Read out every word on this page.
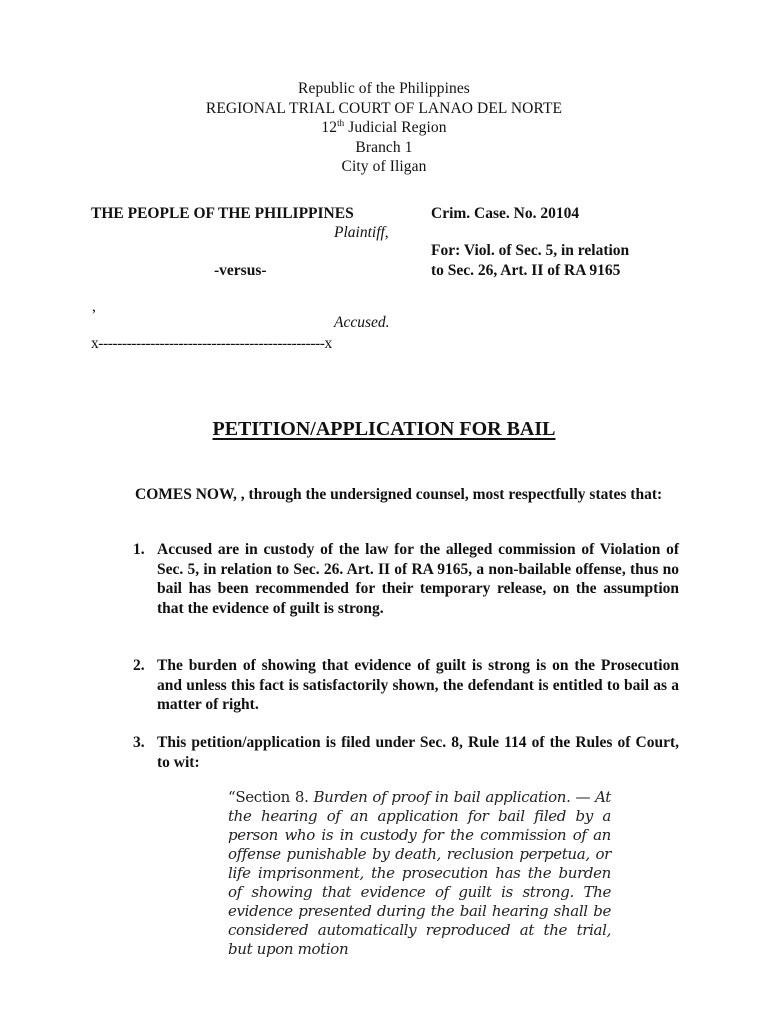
Republic of the Philippines
REGIONAL TRIAL COURT OF LANAO DEL NORTE
12th Judicial Region
Branch 1
City of Iligan
THE PEOPLE OF THE PHILIPPINES
Plaintiff,
-versus-
,
Accused.
x------------------------------------------------x
Crim. Case. No. 20104
For: Viol. of Sec. 5, in relation
to Sec. 26, Art. II of RA 9165
PETITION/APPLICATION FOR BAIL
COMES NOW, , through the undersigned counsel, most respectfully states that:
1. Accused are in custody of the law for the alleged commission of Violation of Sec. 5, in relation to Sec. 26. Art. II of RA 9165, a non-bailable offense, thus no bail has been recommended for their temporary release, on the assumption that the evidence of guilt is strong.
2. The burden of showing that evidence of guilt is strong is on the Prosecution and unless this fact is satisfactorily shown, the defendant is entitled to bail as a matter of right.
3. This petition/application is filed under Sec. 8, Rule 114 of the Rules of Court, to wit:
“Section 8. Burden of proof in bail application. — At the hearing of an application for bail filed by a person who is in custody for the commission of an offense punishable by death, reclusion perpetua, or life imprisonment, the prosecution has the burden of showing that evidence of guilt is strong. The evidence presented during the bail hearing shall be considered automatically reproduced at the trial, but upon motion
